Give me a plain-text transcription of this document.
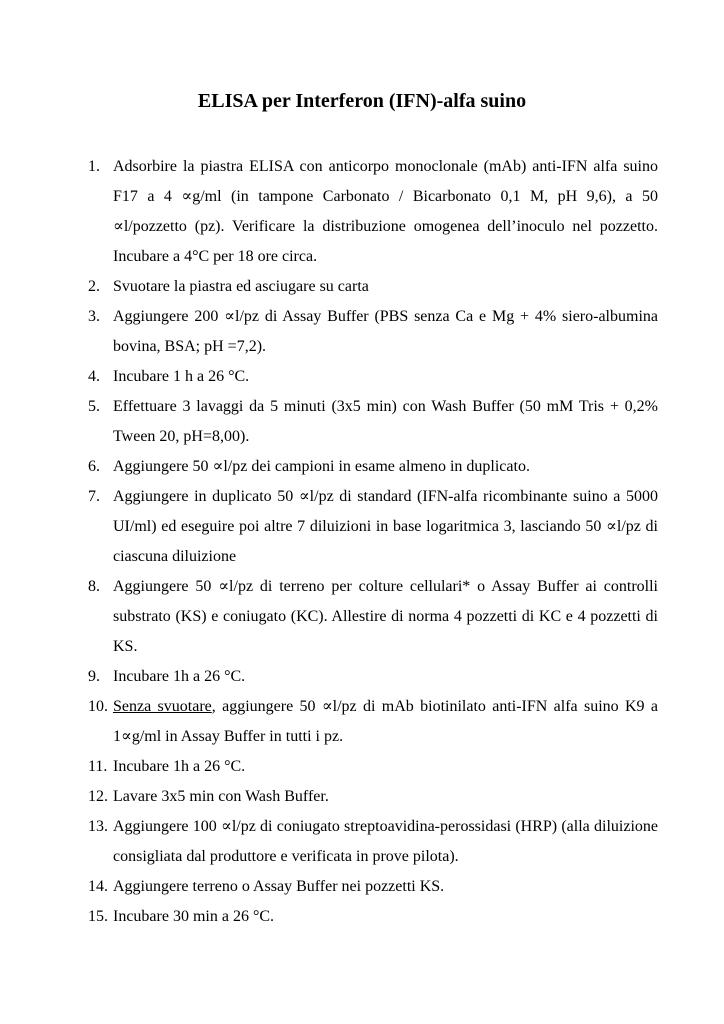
ELISA per Interferon (IFN)-alfa suino
1. Adsorbire la piastra ELISA con anticorpo monoclonale (mAb) anti-IFN alfa suino F17 a 4 ∝g/ml (in tampone Carbonato / Bicarbonato 0,1 M, pH 9,6), a 50 ∝l/pozzetto (pz). Verificare la distribuzione omogenea dell’inoculo nel pozzetto. Incubare a 4°C per 18 ore circa.
2. Svuotare la piastra ed asciugare su carta
3. Aggiungere 200 ∝l/pz di Assay Buffer (PBS senza Ca e Mg + 4% siero-albumina bovina, BSA; pH =7,2).
4. Incubare 1 h a 26 °C.
5. Effettuare 3 lavaggi da 5 minuti (3x5 min) con Wash Buffer (50 mM Tris + 0,2% Tween 20, pH=8,00).
6. Aggiungere 50 ∝l/pz dei campioni in esame almeno in duplicato.
7. Aggiungere in duplicato 50 ∝l/pz di standard (IFN-alfa ricombinante suino a 5000 UI/ml) ed eseguire poi altre 7 diluizioni in base logaritmica 3, lasciando 50 ∝l/pz di ciascuna diluizione
8. Aggiungere 50 ∝l/pz di terreno per colture cellulari* o Assay Buffer ai controlli substrato (KS) e coniugato (KC). Allestire di norma 4 pozzetti di KC e 4 pozzetti di KS.
9. Incubare 1h a 26 °C.
10. Senza svuotare, aggiungere 50 ∝l/pz di mAb biotinilato anti-IFN alfa suino K9 a 1∝g/ml in Assay Buffer in tutti i pz.
11. Incubare 1h a 26 °C.
12. Lavare 3x5 min con Wash Buffer.
13. Aggiungere 100 ∝l/pz di coniugato streptoavidina-perossidasi (HRP) (alla diluizione consigliata dal produttore e verificata in prove pilota).
14. Aggiungere terreno o Assay Buffer nei pozzetti KS.
15. Incubare 30 min a 26 °C.
